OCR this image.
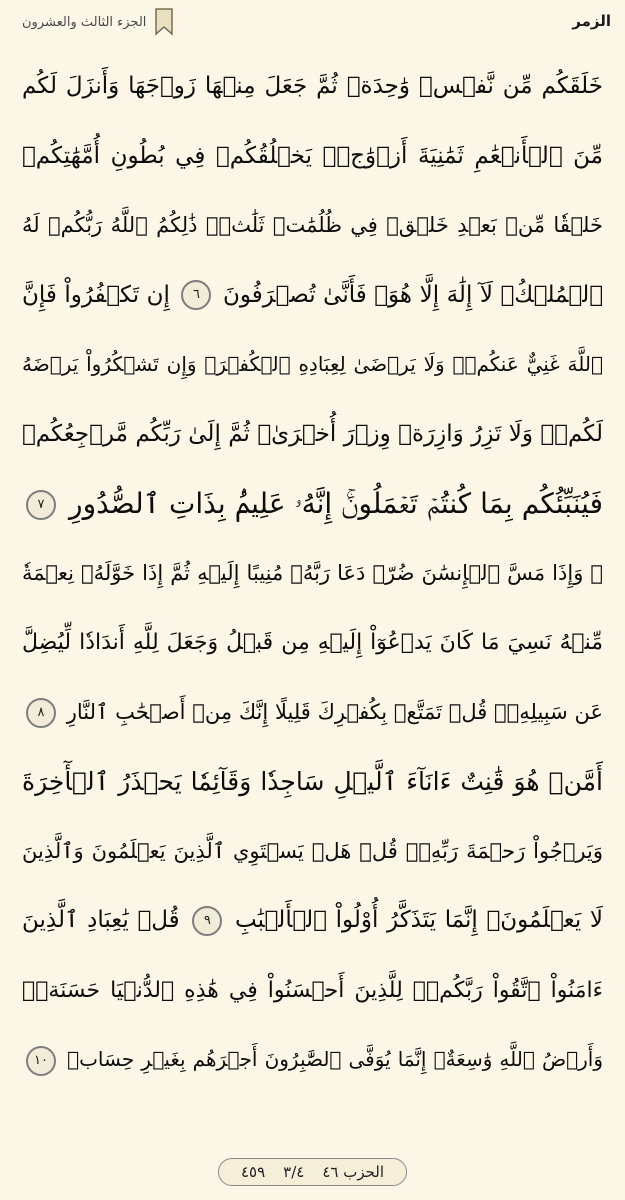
الزمر
الجزء الثالث والعشرون
خَلَقَكُم مِّن نَّفۡسٖ وَٰحِدَةٖ ثُمَّ جَعَلَ مِنۡهَا زَوۡجَهَا وَأَنزَلَ لَكُم
مِّنَ ٱلۡأَنۡعَٰمِ ثَمَٰنِيَةَ أَزۡوَٰجٖۚ يَخۡلُقُكُمۡ فِي بُطُونِ أُمَّهَٰتِكُمۡ
خَلۡقٗا مِّنۢ بَعۡدِ خَلۡقٖ فِي ظُلُمَٰتٖ ثَلَٰثٖۚ ذَٰلِكُمُ ٱللَّهُ رَبُّكُمۡ لَهُ
ٱلۡمُلۡكُۖ لَآ إِلَٰهَ إِلَّا هُوَۖ فَأَنَّىٰ تُصۡرَفُونَ ٦ إِن تَكۡفُرُواْ فَإِنَّ
ٱللَّهَ غَنِيٌّ عَنكُمۡۖ وَلَا يَرۡضَىٰ لِعِبَادِهِ ٱلۡكُفۡرَۖ وَإِن تَشۡكُرُواْ يَرۡضَهُ
لَكُمۡۗ وَلَا تَزِرُ وَازِرَةٞ وِزۡرَ أُخۡرَىٰۚ ثُمَّ إِلَىٰ رَبِّكُم مَّرۡجِعُكُمۡ
فَيُنَبِّئُكُم بِمَا كُنتُمۡ تَعۡمَلُونَۚ إِنَّهُۥ عَلِيمُۢ بِذَاتِ ٱلصُّدُورِ ٧
۞ وَإِذَا مَسَّ ٱلۡإِنسَٰنَ ضُرّٞ دَعَا رَبَّهُۥ مُنِيبًا إِلَيۡهِ ثُمَّ إِذَا خَوَّلَهُۥ نِعۡمَةٗ
مِّنۡهُ نَسِيَ مَا كَانَ يَدۡعُوٓاْ إِلَيۡهِ مِن قَبۡلُ وَجَعَلَ لِلَّهِ أَندَادٗا لِّيُضِلَّ
عَن سَبِيلِهِۦۚ قُلۡ تَمَتَّعۡ بِكُفۡرِكَ قَلِيلًا إِنَّكَ مِنۡ أَصۡحَٰبِ ٱلنَّارِ ٨
أَمَّنۡ هُوَ قَٰنِتٌ ءَانَآءَ ٱلَّيۡلِ سَاجِدٗا وَقَآئِمٗا يَحۡذَرُ ٱلۡأٓخِرَةَ
وَيَرۡجُواْ رَحۡمَةَ رَبِّهِۦۗ قُلۡ هَلۡ يَسۡتَوِي ٱلَّذِينَ يَعۡلَمُونَ وَٱلَّذِينَ
لَا يَعۡلَمُونَۗ إِنَّمَا يَتَذَكَّرُ أُوْلُواْ ٱلۡأَلۡبَٰبِ ٩ قُلۡ يَٰعِبَادِ ٱلَّذِينَ
ءَامَنُواْ ٱتَّقُواْ رَبَّكُمۡۚ لِلَّذِينَ أَحۡسَنُواْ فِي هَٰذِهِ ٱلدُّنۡيَا حَسَنَةٞۗ
وَأَرۡضُ ٱللَّهِ وَٰسِعَةٌۗ إِنَّمَا يُوَفَّى ٱلصَّٰبِرُونَ أَجۡرَهُم بِغَيۡرِ حِسَابٖ ١٠
٤٥٩ ٣/٤ الحزب ٤٦
